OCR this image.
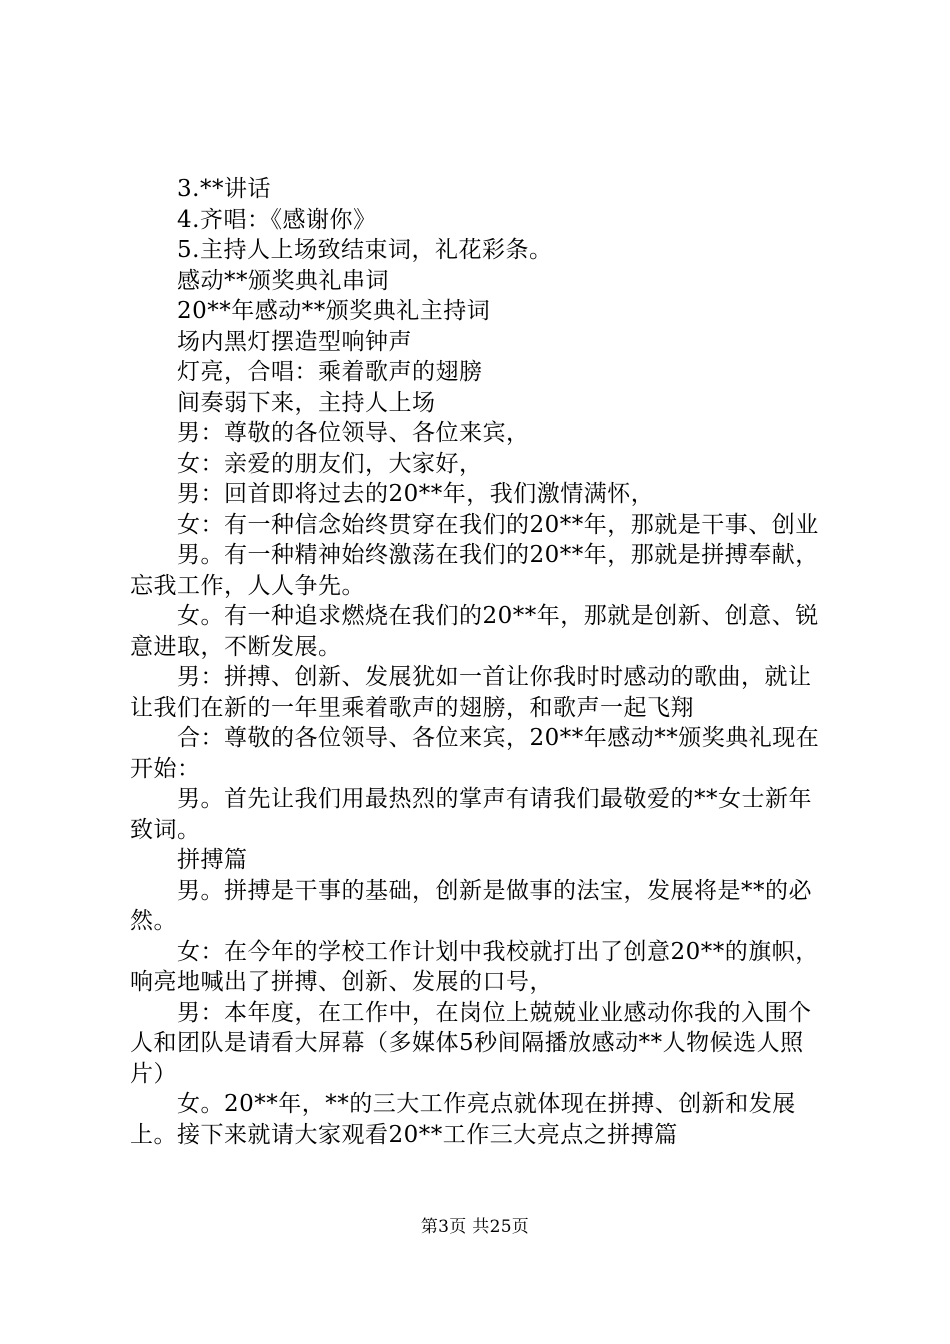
3.**讲话

4.齐唱：《感谢你》

5.主持人上场致结束词，礼花彩条。

感动**颁奖典礼串词

20**年感动**颁奖典礼主持词

场内黑灯摆造型响钟声

灯亮，合唱：乘着歌声的翅膀

间奏弱下来，主持人上场

男：尊敬的各位领导、各位来宾，

女：亲爱的朋友们，大家好，

男：回首即将过去的20**年，我们激情满怀，

女：有一种信念始终贯穿在我们的20**年，那就是干事、创业

男。有一种精神始终激荡在我们的20**年，那就是拼搏奉献，忘我工作，人人争先。

女。有一种追求燃烧在我们的20**年，那就是创新、创意、锐意进取，不断发展。

男：拼搏、创新、发展犹如一首让你我时时感动的歌曲，就让让我们在新的一年里乘着歌声的翅膀，和歌声一起飞翔

合：尊敬的各位领导、各位来宾，20**年感动**颁奖典礼现在开始：

男。首先让我们用最热烈的掌声有请我们最敬爱的**女士新年致词。

拼搏篇

男。拼搏是干事的基础，创新是做事的法宝，发展将是**的必然。

女：在今年的学校工作计划中我校就打出了创意20**的旗帜，响亮地喊出了拼搏、创新、发展的口号，

男：本年度，在工作中，在岗位上兢兢业业感动你我的入围个人和团队是请看大屏幕（多媒体5秒间隔播放感动**人物候选人照片）

女。20**年，**的三大工作亮点就体现在拼搏、创新和发展上。接下来就请大家观看20**工作三大亮点之拼搏篇

第3页 共25页
